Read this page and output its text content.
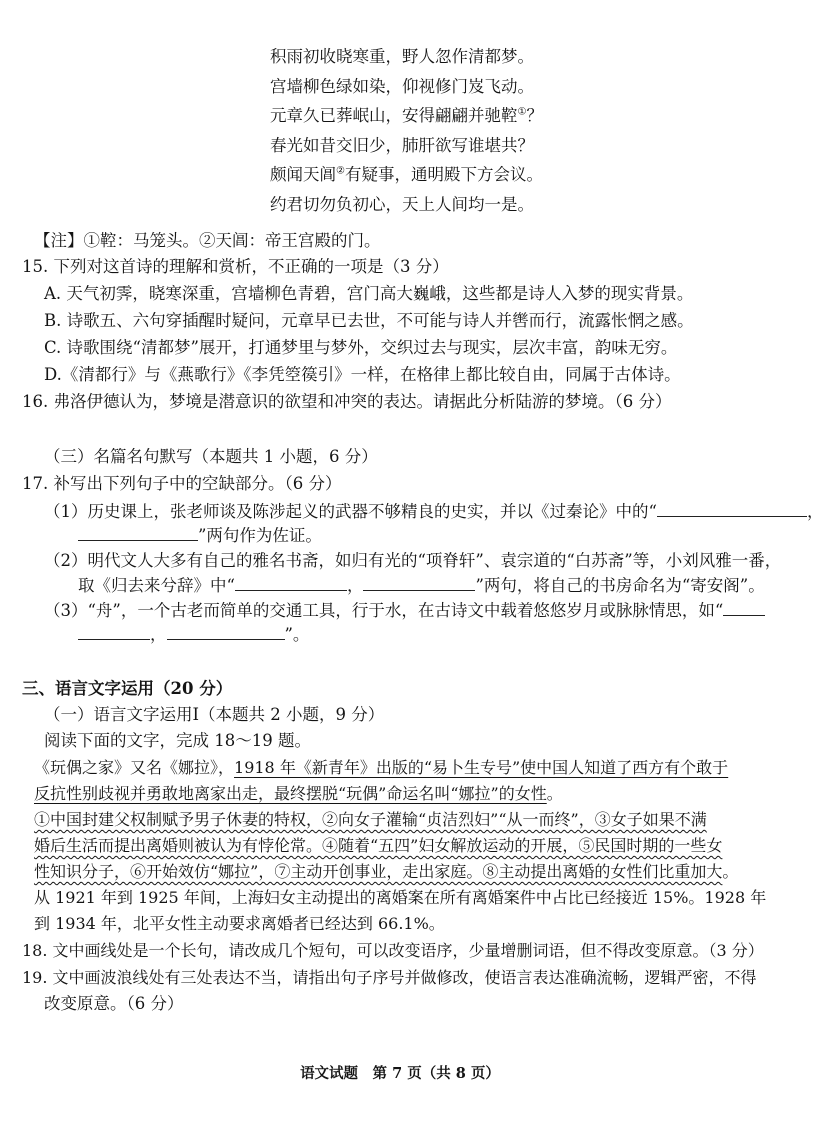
积雨初收晓寒重，野人忽作清都梦。
宫墙柳色绿如染，仰视修门岌飞动。
元章久已葬岷山，安得翩翩并驰鞚①？
春光如昔交旧少，肺肝欲写谁堪共？
颇闻天阊②有疑事，通明殿下方会议。
约君切勿负初心，天上人间均一是。
【注】①鞚：马笼头。②天阊：帝王宫殿的门。
15. 下列对这首诗的理解和赏析，不正确的一项是（3 分）
A. 天气初霁，晓寒深重，宫墙柳色青碧，宫门高大巍峨，这些都是诗人入梦的现实背景。
B. 诗歌五、六句穿插醒时疑问，元章早已去世，不可能与诗人并辔而行，流露怅惘之感。
C. 诗歌围绕“清都梦”展开，打通梦里与梦外，交织过去与现实，层次丰富，韵味无穷。
D.《清都行》与《燕歌行》《李凭箜篌引》一样，在格律上都比较自由，同属于古体诗。
16. 弗洛伊德认为，梦境是潜意识的欲望和冲突的表达。请据此分析陆游的梦境。（6 分）
（三）名篇名句默写（本题共 1 小题，6 分）
17. 补写出下列句子中的空缺部分。（6 分）
（1）历史课上，张老师谈及陈涉起义的武器不够精良的史实，并以《过秦论》中的“	，
”两句作为佐证。
（2）明代文人大多有自己的雅名书斋，如归有光的“项脊轩”、袁宗道的“白苏斋”等，小刘风雅一番，
取《归去来兮辞》中“	，	”两句，将自己的书房命名为“寄安阁”。
（3）“舟”，一个古老而简单的交通工具，行于水，在古诗文中载着悠悠岁月或脉脉情思，如“
，	”。
三、语言文字运用（20 分）
（一）语言文字运用Ⅰ（本题共 2 小题，9 分）
阅读下面的文字，完成 18～19 题。
《玩偶之家》又名《娜拉》，1918 年《新青年》出版的“易卜生专号”使中国人知道了西方有个敢于
反抗性别歧视并勇敢地离家出走，最终摆脱“玩偶”命运名叫“娜拉”的女性。
①中国封建父权制赋予男子休妻的特权，②向女子灌输“贞洁烈妇”“从一而终”，③女子如果不满
婚后生活而提出离婚则被认为有悖伦常。④随着“五四”妇女解放运动的开展，⑤民国时期的一些女
性知识分子，⑥开始效仿“娜拉”，⑦主动开创事业，走出家庭。⑧主动提出离婚的女性们比重加大。
从 1921 年到 1925 年间，上海妇女主动提出的离婚案在所有离婚案件中占比已经接近 15%。1928 年
到 1934 年，北平女性主动要求离婚者已经达到 66.1%。
18. 文中画线处是一个长句，请改成几个短句，可以改变语序，少量增删词语，但不得改变原意。（3 分）
19. 文中画波浪线处有三处表达不当，请指出句子序号并做修改，使语言表达准确流畅，逻辑严密，不得
改变原意。（6 分）
语文试题　第 7 页（共 8 页）
